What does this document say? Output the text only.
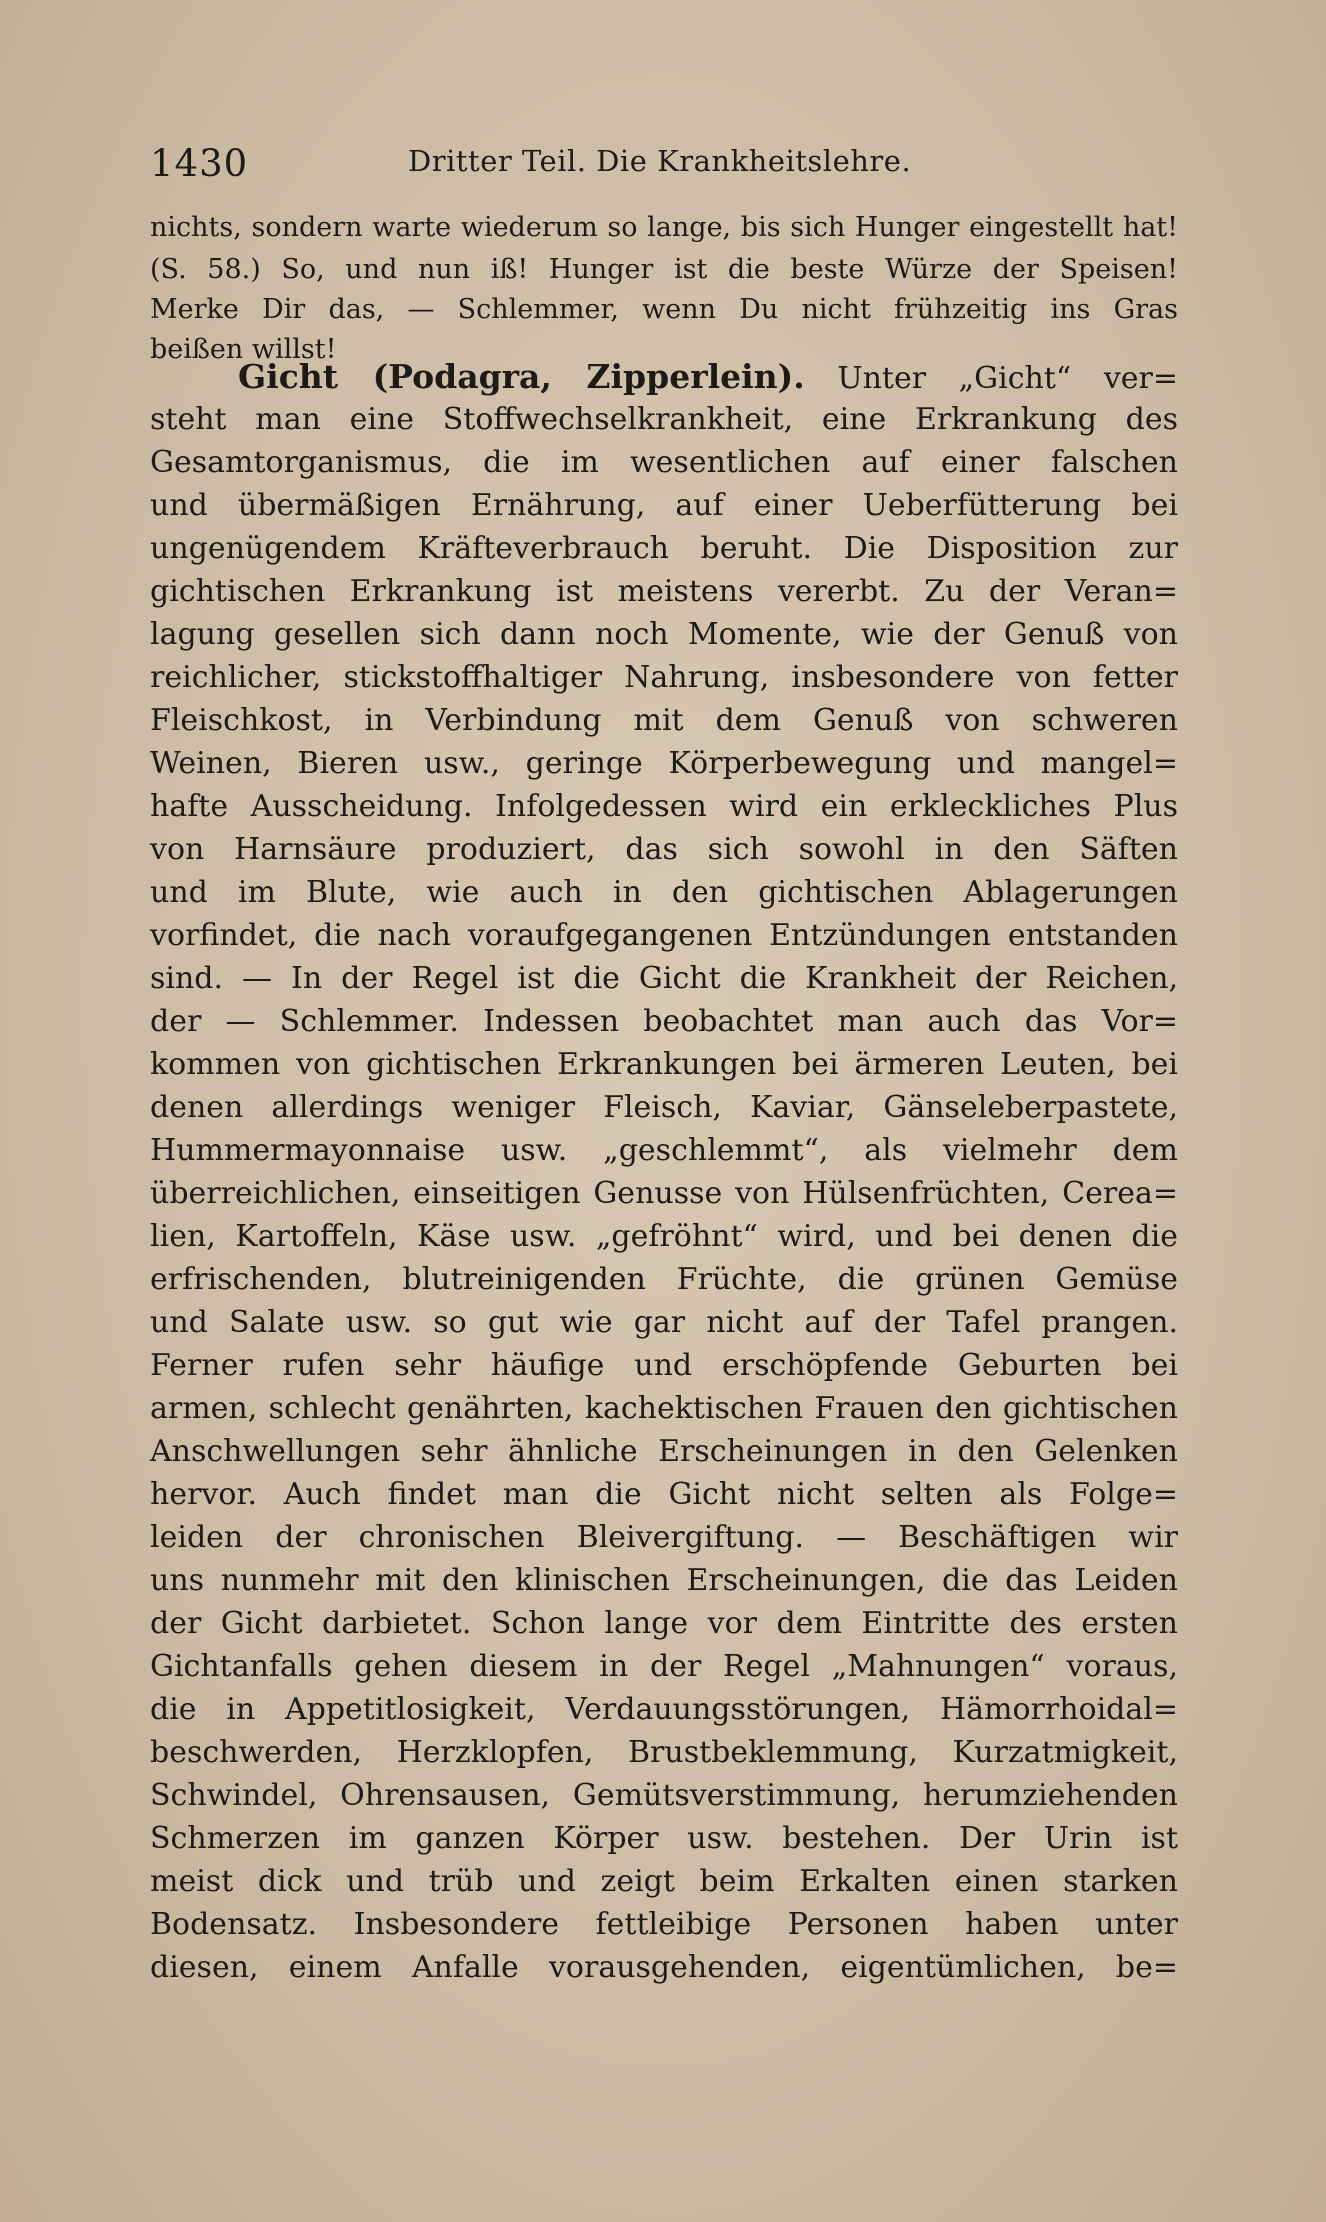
1430	Dritter Teil. Die Krankheitslehre.
nichts, sondern warte wiederum so lange, bis sich Hunger eingestellt hat!
(S. 58.) So, und nun iß! Hunger ist die beste Würze der Speisen!
Merke Dir das, — Schlemmer, wenn Du nicht frühzeitig ins Gras
beißen willst!
Gicht (Podagra, Zipperlein). Unter „Gicht“ ver=
steht man eine Stoffwechselkrankheit, eine Erkrankung des
Gesamtorganismus, die im wesentlichen auf einer falschen
und übermäßigen Ernährung, auf einer Ueberfütterung bei
ungenügendem Kräfteverbrauch beruht. Die Disposition zur
gichtischen Erkrankung ist meistens vererbt. Zu der Veran=
lagung gesellen sich dann noch Momente, wie der Genuß von
reichlicher, stickstoffhaltiger Nahrung, insbesondere von fetter
Fleischkost, in Verbindung mit dem Genuß von schweren
Weinen, Bieren usw., geringe Körperbewegung und mangel=
hafte Ausscheidung. Infolgedessen wird ein erkleckliches Plus
von Harnsäure produziert, das sich sowohl in den Säften
und im Blute, wie auch in den gichtischen Ablagerungen
vorfindet, die nach voraufgegangenen Entzündungen entstanden
sind. — In der Regel ist die Gicht die Krankheit der Reichen,
der — Schlemmer. Indessen beobachtet man auch das Vor=
kommen von gichtischen Erkrankungen bei ärmeren Leuten, bei
denen allerdings weniger Fleisch, Kaviar, Gänseleberpastete,
Hummermayonnaise usw. „geschlemmt“, als vielmehr dem
überreichlichen, einseitigen Genusse von Hülsenfrüchten, Cerea=
lien, Kartoffeln, Käse usw. „gefröhnt“ wird, und bei denen die
erfrischenden, blutreinigenden Früchte, die grünen Gemüse
und Salate usw. so gut wie gar nicht auf der Tafel prangen.
Ferner rufen sehr häufige und erschöpfende Geburten bei
armen, schlecht genährten, kachektischen Frauen den gichtischen
Anschwellungen sehr ähnliche Erscheinungen in den Gelenken
hervor. Auch findet man die Gicht nicht selten als Folge=
leiden der chronischen Bleivergiftung. — Beschäftigen wir
uns nunmehr mit den klinischen Erscheinungen, die das Leiden
der Gicht darbietet. Schon lange vor dem Eintritte des ersten
Gichtanfalls gehen diesem in der Regel „Mahnungen“ voraus,
die in Appetitlosigkeit, Verdauungsstörungen, Hämorrhoidal=
beschwerden, Herzklopfen, Brustbeklemmung, Kurzatmigkeit,
Schwindel, Ohrensausen, Gemütsverstimmung, herumziehenden
Schmerzen im ganzen Körper usw. bestehen. Der Urin ist
meist dick und trüb und zeigt beim Erkalten einen starken
Bodensatz. Insbesondere fettleibige Personen haben unter
diesen, einem Anfalle vorausgehenden, eigentümlichen, be=
